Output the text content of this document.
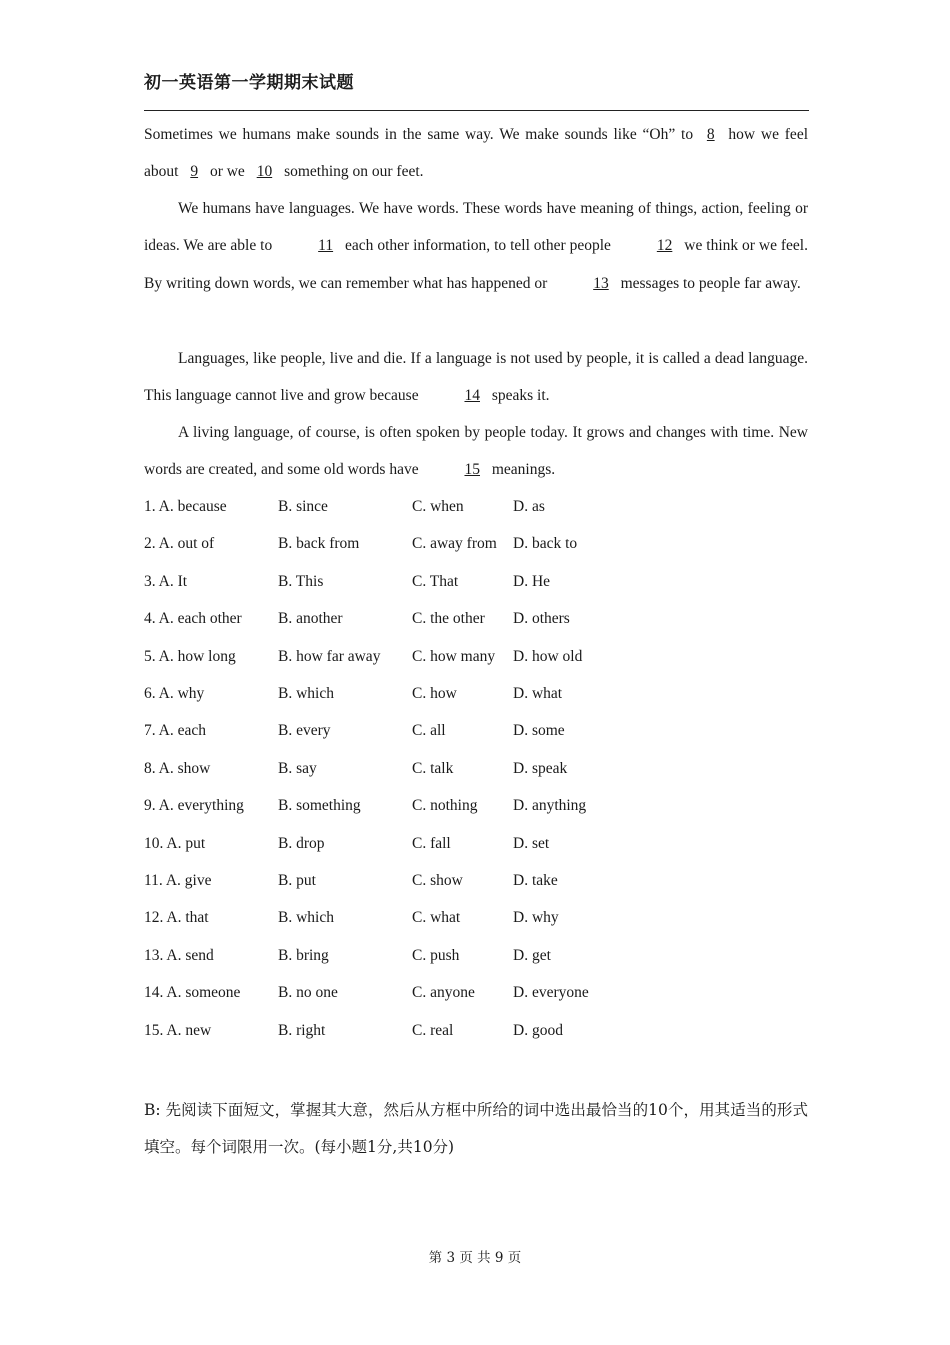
初一英语第一学期期末试题

Sometimes we humans make sounds in the same way. We make sounds like “Oh” to 8 how we feel about 9 or we 10 something on our feet.

We humans have languages. We have words. These words have meaning of things, action, feeling or ideas. We are able to	11 each other information, to tell other people	12 we think or we feel. By writing down words, we can remember what has happened or	13 messages to people far away.

Languages, like people, live and die. If a language is not used by people, it is called a dead language. This language cannot live and grow because	14 speaks it.

A living language, of course, is often spoken by people today. It grows and changes with time. New words are created, and some old words have	15 meanings.

1. A. because	B. since	C. when	D. as
2. A. out of	B. back from	C. away from D. back to
3. A. It	B. This	C. That	D. He
4. A. each other B. another	C. the other D. others
5. A. how long	B. how far away C. how many D. how old
6. A. why	B. which	C. how	D. what
7. A. each	B. every	C. all	D. some
8. A. show	B. say	C. talk	D. speak
9. A. everything B. something	C. nothing D. anything
10. A. put	B. drop	C. fall	D. set
11. A. give	B. put	C. show	D. take
12. A. that	B. which	C. what	D. why
13. A. send	B. bring	C. push	D. get
14. A. someone B. no one	C. anyone D. everyone
15. A. new	B. right	C. real	D. good

B: 先阅读下面短文，掌握其大意，然后从方框中所给的词中选出最恰当的10个，用其适当的形式填空。每个词限用一次。(每小题1分,共10分)

第 3 页 共 9 页
